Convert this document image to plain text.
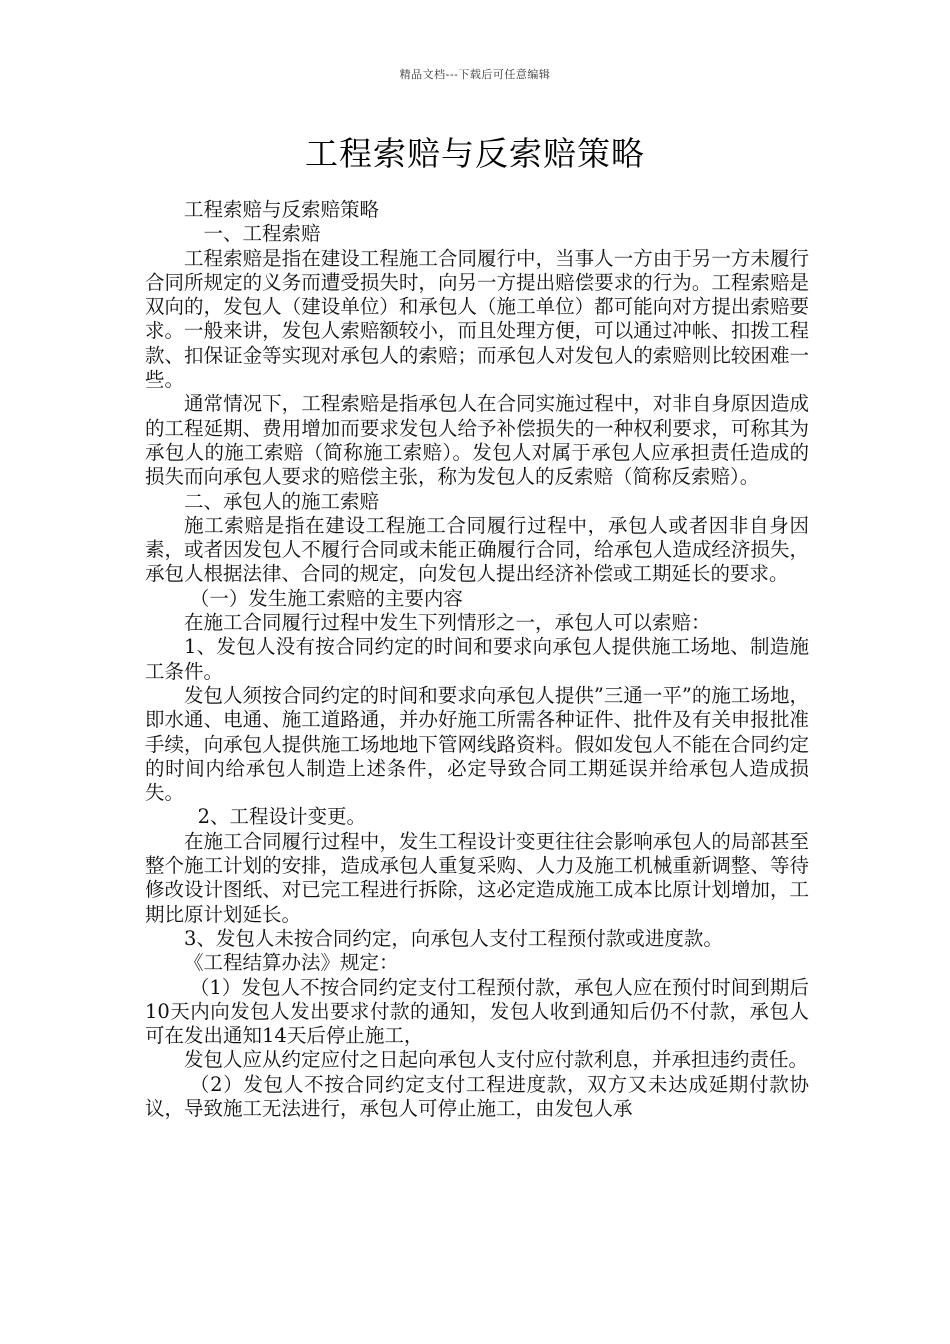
精品文档---下载后可任意编辑
工程索赔与反索赔策略

工程索赔与反索赔策略

一、工程索赔

工程索赔是指在建设工程施工合同履行中，当事人一方由于另一方未履行合同所规定的义务而遭受损失时，向另一方提出赔偿要求的行为。工程索赔是双向的，发包人（建设单位）和承包人（施工单位）都可能向对方提出索赔要求。一般来讲，发包人索赔额较小，而且处理方便，可以通过冲帐、扣拨工程款、扣保证金等实现对承包人的索赔；而承包人对发包人的索赔则比较困难一些。

通常情况下，工程索赔是指承包人在合同实施过程中，对非自身原因造成的工程延期、费用增加而要求发包人给予补偿损失的一种权利要求，可称其为承包人的施工索赔（简称施工索赔）。发包人对属于承包人应承担责任造成的损失而向承包人要求的赔偿主张，称为发包人的反索赔（简称反索赔）。

二、承包人的施工索赔

施工索赔是指在建设工程施工合同履行过程中，承包人或者因非自身因素，或者因发包人不履行合同或未能正确履行合同，给承包人造成经济损失，承包人根据法律、合同的规定，向发包人提出经济补偿或工期延长的要求。

（一）发生施工索赔的主要内容

在施工合同履行过程中发生下列情形之一，承包人可以索赔：

1、发包人没有按合同约定的时间和要求向承包人提供施工场地、制造施工条件。

发包人须按合同约定的时间和要求向承包人提供”三通一平”的施工场地，即水通、电通、施工道路通，并办好施工所需各种证件、批件及有关申报批准手续，向承包人提供施工场地地下管网线路资料。假如发包人不能在合同约定的时间内给承包人制造上述条件，必定导致合同工期延误并给承包人造成损失。

2、工程设计变更。

在施工合同履行过程中，发生工程设计变更往往会影响承包人的局部甚至整个施工计划的安排，造成承包人重复采购、人力及施工机械重新调整、等待修改设计图纸、对已完工程进行拆除，这必定造成施工成本比原计划增加，工期比原计划延长。

3、发包人未按合同约定，向承包人支付工程预付款或进度款。

《工程结算办法》规定：

（1）发包人不按合同约定支付工程预付款，承包人应在预付时间到期后10天内向发包人发出要求付款的通知，发包人收到通知后仍不付款，承包人可在发出通知14天后停止施工，

发包人应从约定应付之日起向承包人支付应付款利息，并承担违约责任。

（2）发包人不按合同约定支付工程进度款，双方又未达成延期付款协议，导致施工无法进行，承包人可停止施工，由发包人承
